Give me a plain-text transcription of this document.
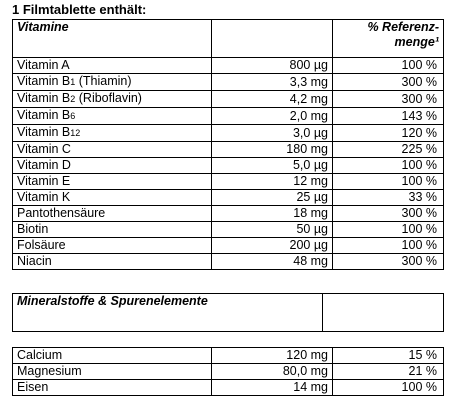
1 Filmtablette enthält:
Vitamine		% Referenz-
menge¹

Vitamin A	800 µg	100 %
Vitamin B1 (Thiamin)	3,3 mg	300 %
Vitamin B2 (Riboflavin)	4,2 mg	300 %
Vitamin B6	2,0 mg	143 %
Vitamin B12	3,0 µg	120 %
Vitamin C	180 mg	225 %
Vitamin D	5,0 µg	100 %
Vitamin E	12 mg	100 %
Vitamin K	25 µg	33 %
Pantothensäure	18 mg	300 %
Biotin	50 µg	100 %
Folsäure	200 µg	100 %
Niacin	48 mg	300 %
Mineralstoffe & Spurenelemente	
Calcium	120 mg	15 %
Magnesium	80,0 mg	21 %
Eisen	14 mg	100 %
